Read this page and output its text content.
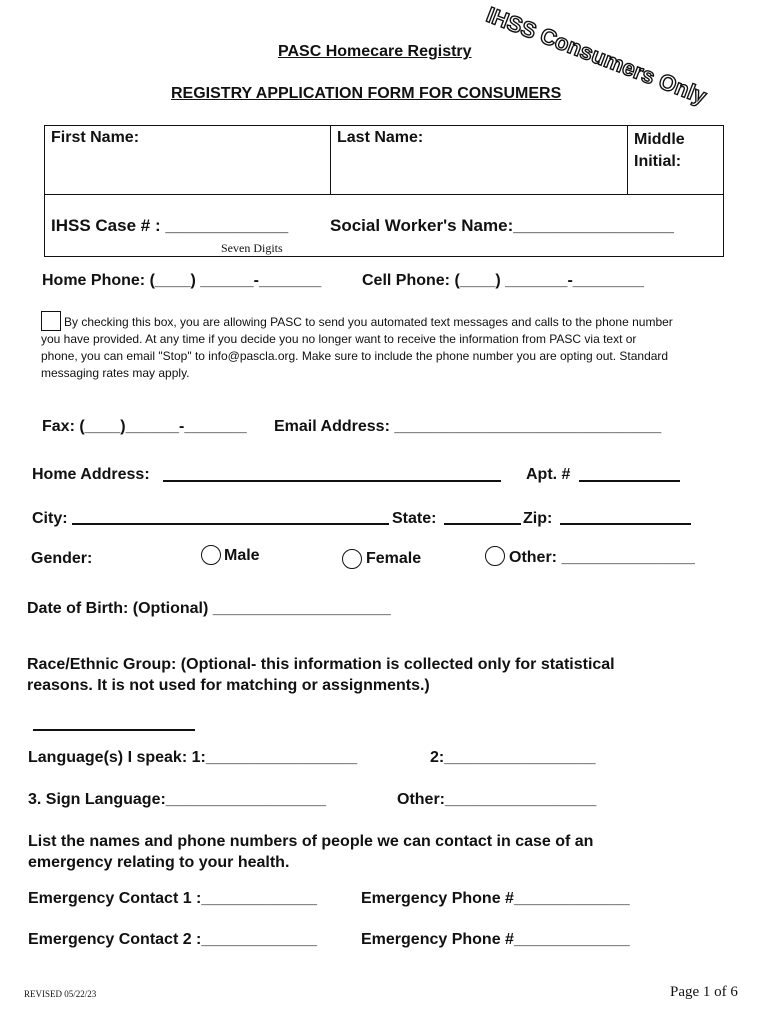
IHSS Consumers Only
PASC Homecare Registry
REGISTRY APPLICATION FORM FOR CONSUMERS
First Name:	Last Name:	Middle
Initial:

IHSS Case # : _____________ Social Worker's Name:_________________
Seven Digits
Home Phone: (____) ______-_______	Cell Phone: (____) _______-________
By checking this box, you are allowing PASC to send you automated text messages and calls to the phone number
you have provided. At any time if you decide you no longer want to receive the information from PASC via text or
phone, you can email "Stop" to info@pascla.org. Make sure to include the phone number you are opting out. Standard
messaging rates may apply.
Fax: (____)______-_______ Email Address: ______________________________
Home Address:	Apt. #
City:	State:	Zip:
Gender:	Male	Female	Other: _______________
Date of Birth: (Optional) ____________________
Race/Ethnic Group: (Optional- this information is collected only for statistical
reasons. It is not used for matching or assignments.)
Language(s) I speak: 1:_________________	2:_________________
3. Sign Language:__________________	Other:_________________
List the names and phone numbers of people we can contact in case of an
emergency relating to your health.
Emergency Contact 1 :_____________	Emergency Phone #_____________
Emergency Contact 2 :_____________	Emergency Phone #_____________
REVISED 05/22/23	Page 1 of 6
